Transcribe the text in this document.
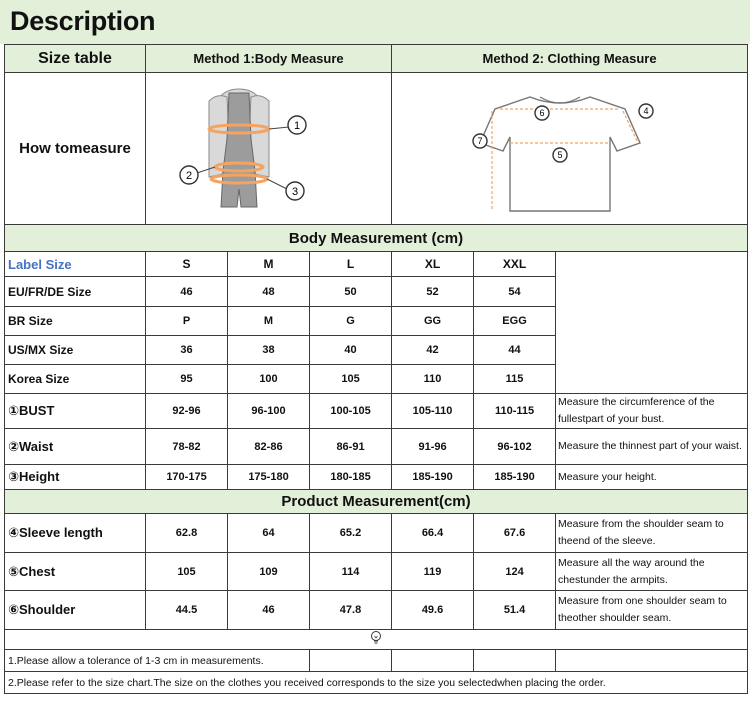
Description
Size table	Method 1:Body Measure			Method 2: Clothing Measure		
How tomeasure	1
2
3			4
5
6
7		

Body Measurement (cm)						
Label Size	S	M	L	XL	XXL	
EU/FR/DE Size	46	48	50	52	54	
BR Size	P	M	G	GG	EGG	
US/MX Size	36	38	40	42	44	
Korea Size	95	100	105	110	115	
①BUST	92-96	96-100	100-105	105-110	110-115	Measure the circumference of the fullestpart of your bust.
②Waist	78-82	82-86	86-91	91-96	96-102	Measure the thinnest part of your waist.
③Height	170-175	175-180	180-185	185-190	185-190	Measure your height.
Product Measurement(cm)						
④Sleeve length	62.8	64	65.2	66.4	67.6	Measure from the shoulder seam to theend of the sleeve.
⑤Chest	105	109	114	119	124	Measure all the way around the chestunder the armpits.
⑥Shoulder	44.5	46	47.8	49.6	51.4	Measure from one shoulder seam to theother shoulder seam.

1.Please allow a tolerance of 1-3 cm in measurements.						
2.Please refer to the size chart.The size on the clothes you received corresponds to the size you selectedwhen placing the order.						
